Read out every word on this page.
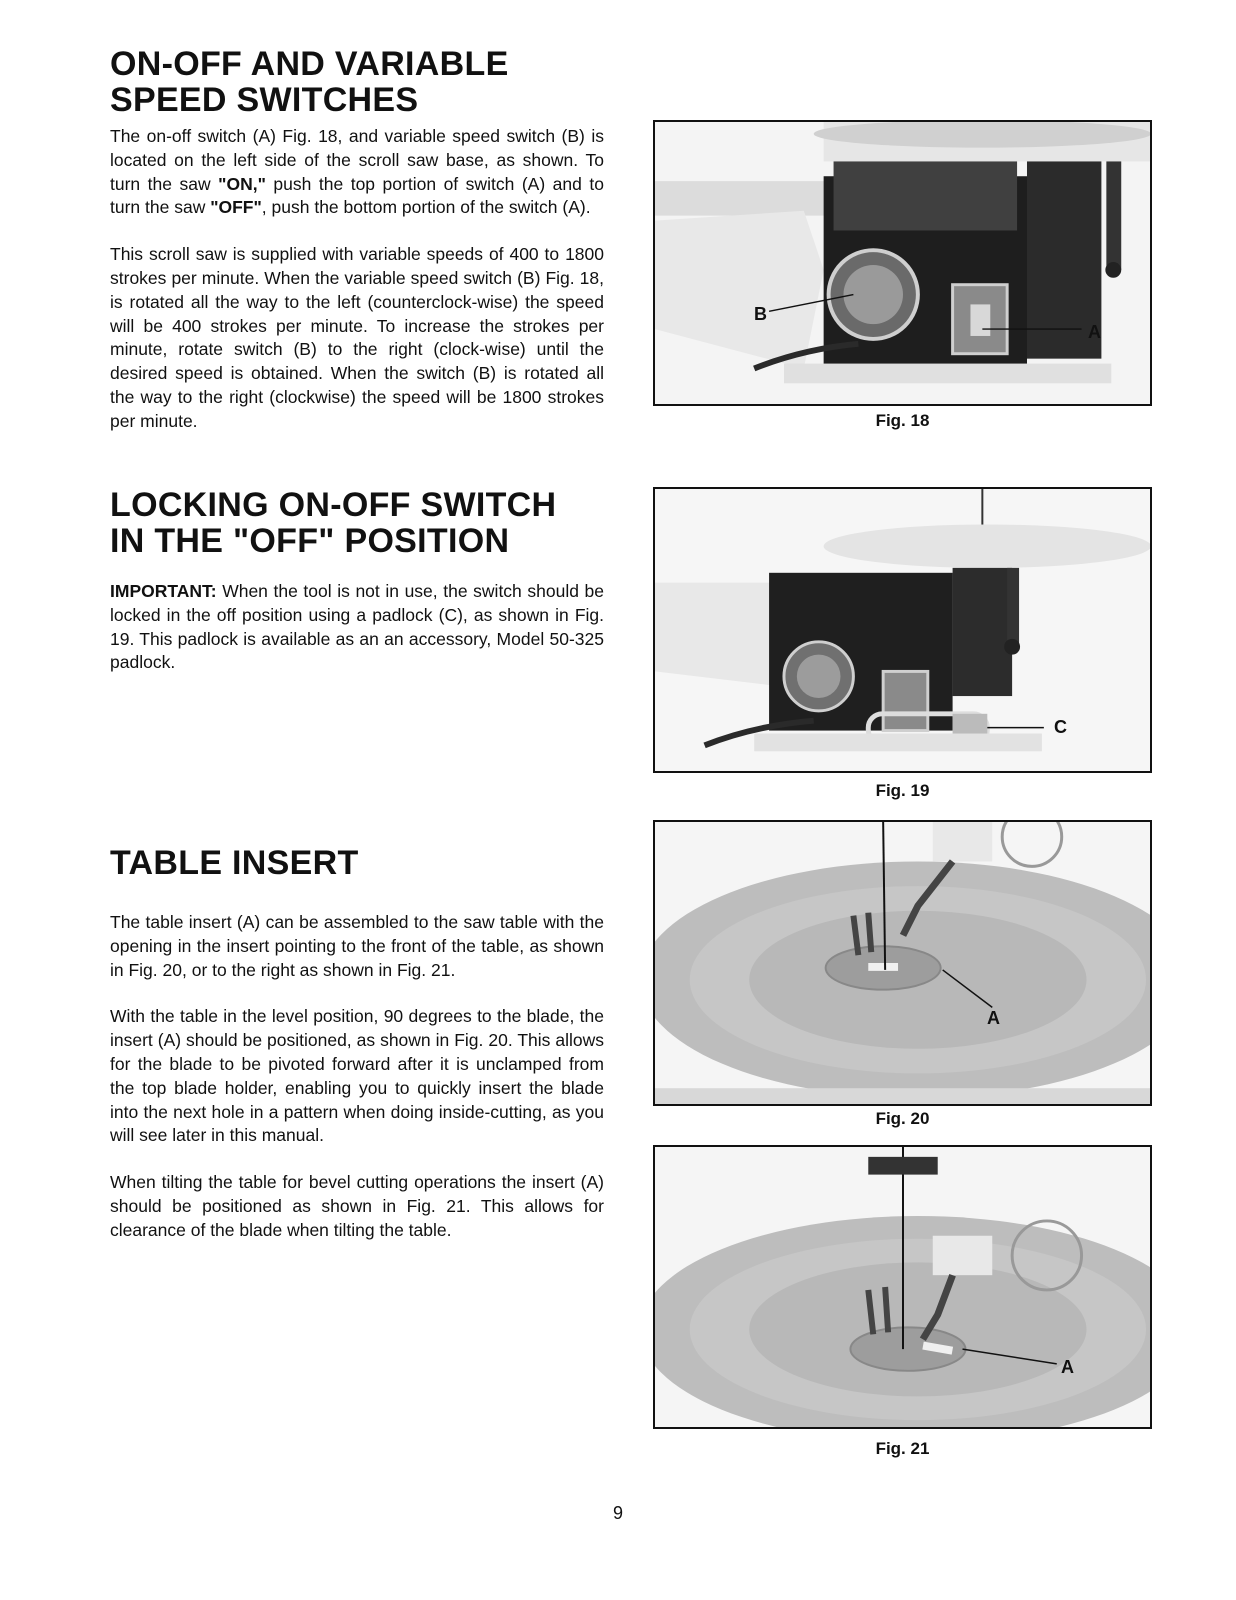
ON-OFF AND VARIABLE
SPEED SWITCHES

The on-off switch (A) Fig. 18, and variable speed switch (B) is located on the left side of the scroll saw base, as shown. To turn the saw "ON," push the top portion of switch (A) and to turn the saw "OFF", push the bottom portion of the switch (A).

This scroll saw is supplied with variable speeds of 400 to 1800 strokes per minute. When the variable speed switch (B) Fig. 18, is rotated all the way to the left (counterclock-wise) the speed will be 400 strokes per minute. To increase the strokes per minute, rotate switch (B) to the right (clock-wise) until the desired speed is obtained. When the switch (B) is rotated all the way to the right (clockwise) the speed will be 1800 strokes per minute.

LOCKING ON-OFF SWITCH
IN THE "OFF" POSITION

IMPORTANT: When the tool is not in use, the switch should be locked in the off position using a padlock (C), as shown in Fig. 19. This padlock is available as an an accessory, Model 50-325 padlock.

TABLE INSERT

The table insert (A) can be assembled to the saw table with the opening in the insert pointing to the front of the table, as shown in Fig. 20, or to the right as shown in Fig. 21.

With the table in the level position, 90 degrees to the blade, the insert (A) should be positioned, as shown in Fig. 20. This allows for the blade to be pivoted forward after it is unclamped from the top blade holder, enabling you to quickly insert the blade into the next hole in a pattern when doing inside-cutting, as you will see later in this manual.

When tilting the table for bevel cutting operations the insert (A) should be positioned as shown in Fig. 21. This allows for clearance of the blade when tilting the table.

B
A
Fig. 18
C
Fig. 19
A
Fig. 20
A
Fig. 21
9
